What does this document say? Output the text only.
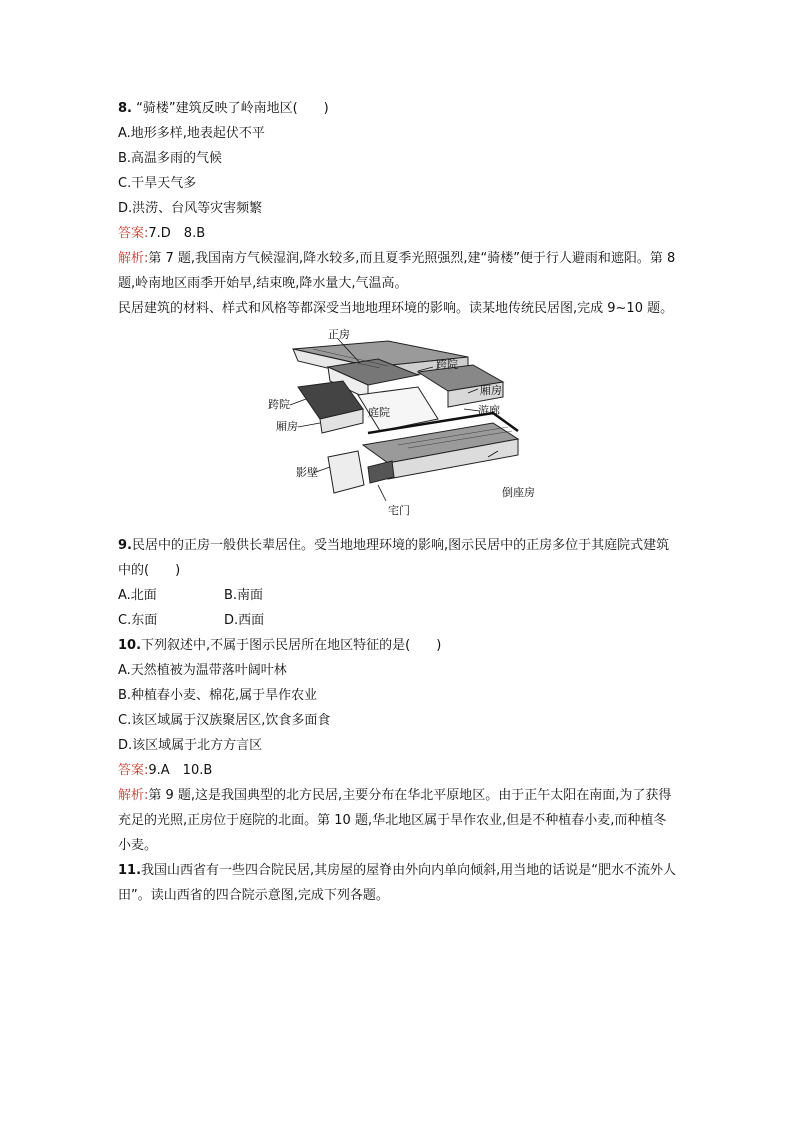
8. “骑楼”建筑反映了岭南地区(　　)
A.地形多样,地表起伏不平
B.高温多雨的气候
C.干旱天气多
D.洪涝、台风等灾害频繁
答案:7.D　8.B
解析:第 7 题,我国南方气候湿润,降水较多,而且夏季光照强烈,建“骑楼”便于行人避雨和遮阳。第 8 题,岭南地区雨季开始早,结束晚,降水量大,气温高。
民居建筑的材料、样式和风格等都深受当地地理环境的影响。读某地传统民居图,完成 9~10 题。
正房
跨院
厢房
游廊
跨院
庭院
厢房
影壁
倒座房
宅门
9.民居中的正房一般供长辈居住。受当地地理环境的影响,图示民居中的正房多位于其庭院式建筑中的(　　)
A.北面	B.南面
C.东面	D.西面
10.下列叙述中,不属于图示民居所在地区特征的是(　　)
A.天然植被为温带落叶阔叶林
B.种植春小麦、棉花,属于旱作农业
C.该区域属于汉族聚居区,饮食多面食
D.该区域属于北方方言区
答案:9.A　10.B
解析:第 9 题,这是我国典型的北方民居,主要分布在华北平原地区。由于正午太阳在南面,为了获得充足的光照,正房位于庭院的北面。第 10 题,华北地区属于旱作农业,但是不种植春小麦,而种植冬小麦。
11.我国山西省有一些四合院民居,其房屋的屋脊由外向内单向倾斜,用当地的话说是“肥水不流外人田”。读山西省的四合院示意图,完成下列各题。
